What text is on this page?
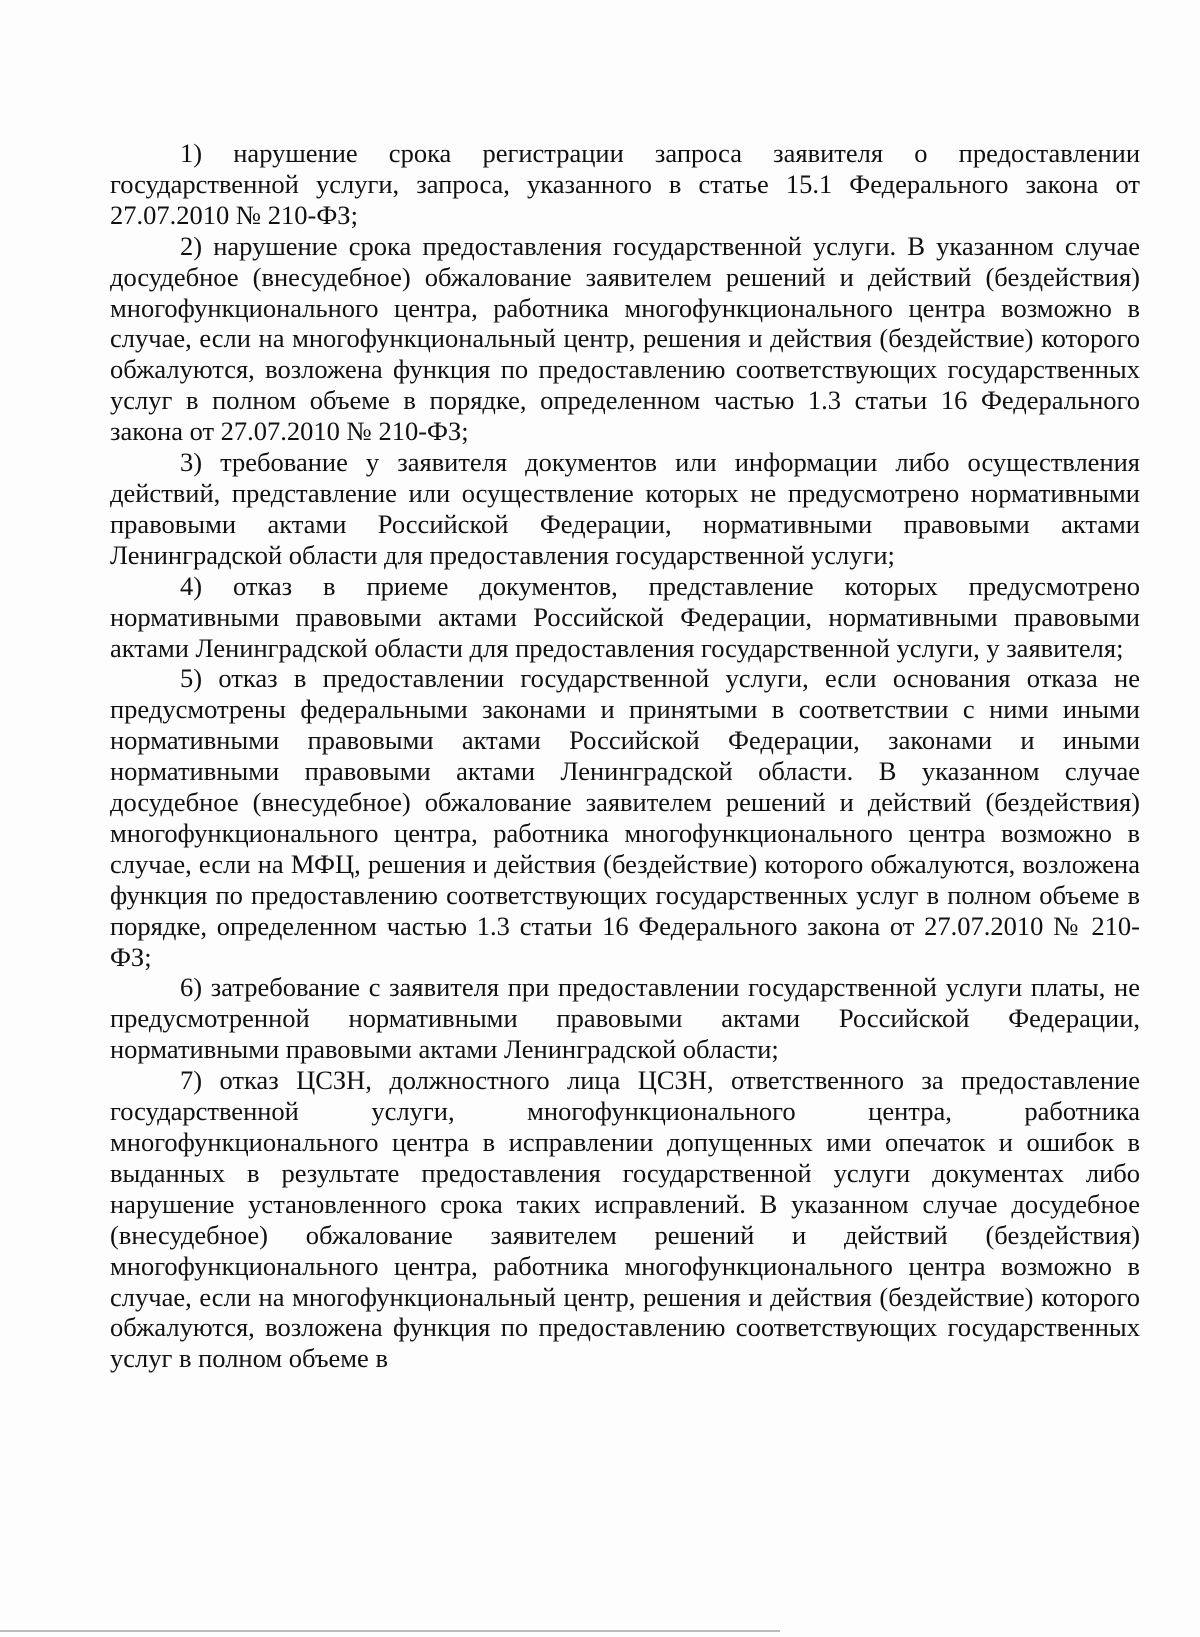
1) нарушение срока регистрации запроса заявителя о предоставлении государственной услуги, запроса, указанного в статье 15.1 Федерального закона от 27.07.2010 № 210-ФЗ;

2) нарушение срока предоставления государственной услуги. В указанном случае досудебное (внесудебное) обжалование заявителем решений и действий (бездействия) многофункционального центра, работника многофункционального центра возможно в случае, если на многофункциональный центр, решения и действия (бездействие) которого обжалуются, возложена функция по предоставлению соответствующих государственных услуг в полном объеме в порядке, определенном частью 1.3 статьи 16 Федерального закона от 27.07.2010 № 210-ФЗ;

3) требование у заявителя документов или информации либо осуществления действий, представление или осуществление которых не предусмотрено нормативными правовыми актами Российской Федерации, нормативными правовыми актами Ленинградской области для предоставления государственной услуги;

4) отказ в приеме документов, представление которых предусмотрено нормативными правовыми актами Российской Федерации, нормативными правовыми актами Ленинградской области для предоставления государственной услуги, у заявителя;

5) отказ в предоставлении государственной услуги, если основания отказа не предусмотрены федеральными законами и принятыми в соответствии с ними иными нормативными правовыми актами Российской Федерации, законами и иными нормативными правовыми актами Ленинградской области. В указанном случае досудебное (внесудебное) обжалование заявителем решений и действий (бездействия) многофункционального центра, работника многофункционального центра возможно в случае, если на МФЦ, решения и действия (бездействие) которого обжалуются, возложена функция по предоставлению соответствующих государственных услуг в полном объеме в порядке, определенном частью 1.3 статьи 16 Федерального закона от 27.07.2010 № 210-ФЗ;

6) затребование с заявителя при предоставлении государственной услуги платы, не предусмотренной нормативными правовыми актами Российской Федерации, нормативными правовыми актами Ленинградской области;

7) отказ ЦСЗН, должностного лица ЦСЗН, ответственного за предоставление государственной услуги, многофункционального центра, работника многофункционального центра в исправлении допущенных ими опечаток и ошибок в выданных в результате предоставления государственной услуги документах либо нарушение установленного срока таких исправлений. В указанном случае досудебное (внесудебное) обжалование заявителем решений и действий (бездействия) многофункционального центра, работника многофункционального центра возможно в случае, если на многофункциональный центр, решения и действия (бездействие) которого обжалуются, возложена функция по предоставлению соответствующих государственных услуг в полном объеме в
